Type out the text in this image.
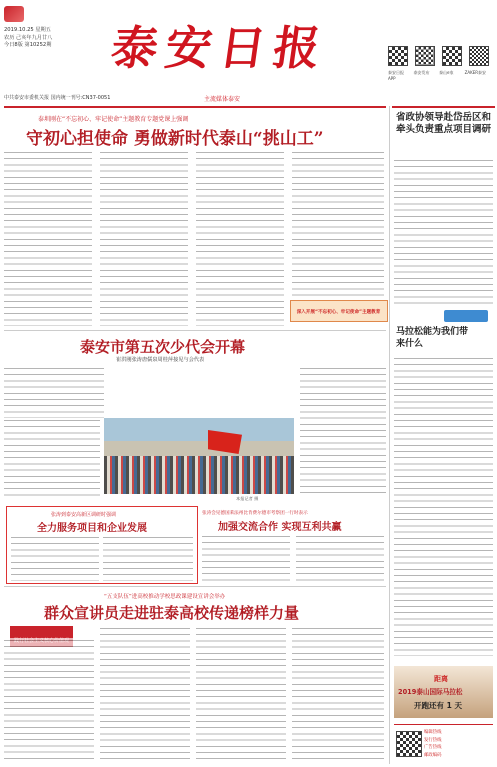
2019.10.25 星期五
农历 己亥年九月廿八
今日8版 第10252期	泰安日报	泰安日报APP
泰安发布	泰山e家	ZAKER泰安
主流媒体泰安
中共泰安市委机关报 国内统一刊号:CN37-0051
泰圳刚在“不忘初心、牢记使命”主题教育专题党课上强调
守初心担使命 勇做新时代泰山“挑山工”
深入开展“不忘初心、牢记使命”主题教育
泰安市第五次少代会开幕
崔洪刚张涛唐儒泉周桂萍接见与会代表
本报记者 摄
张涛到泰安高新区调研时强调
全力服务项目和企业发展
张涛会见德国莱法州比肯费尔德市考察团一行时表示
加强交流合作 实现互利共赢
“五支队伍”进高校推动学校思政课建设宣讲会举办
群众宣讲员走进驻泰高校传递榜样力量
省政协领导赴岱岳区和牵头负责重点项目调研
马拉松能为我们带来什么
距离
2019泰山国际马拉松
开跑还有 1 天
编辑热线
发行热线
广告热线
邮政编码
